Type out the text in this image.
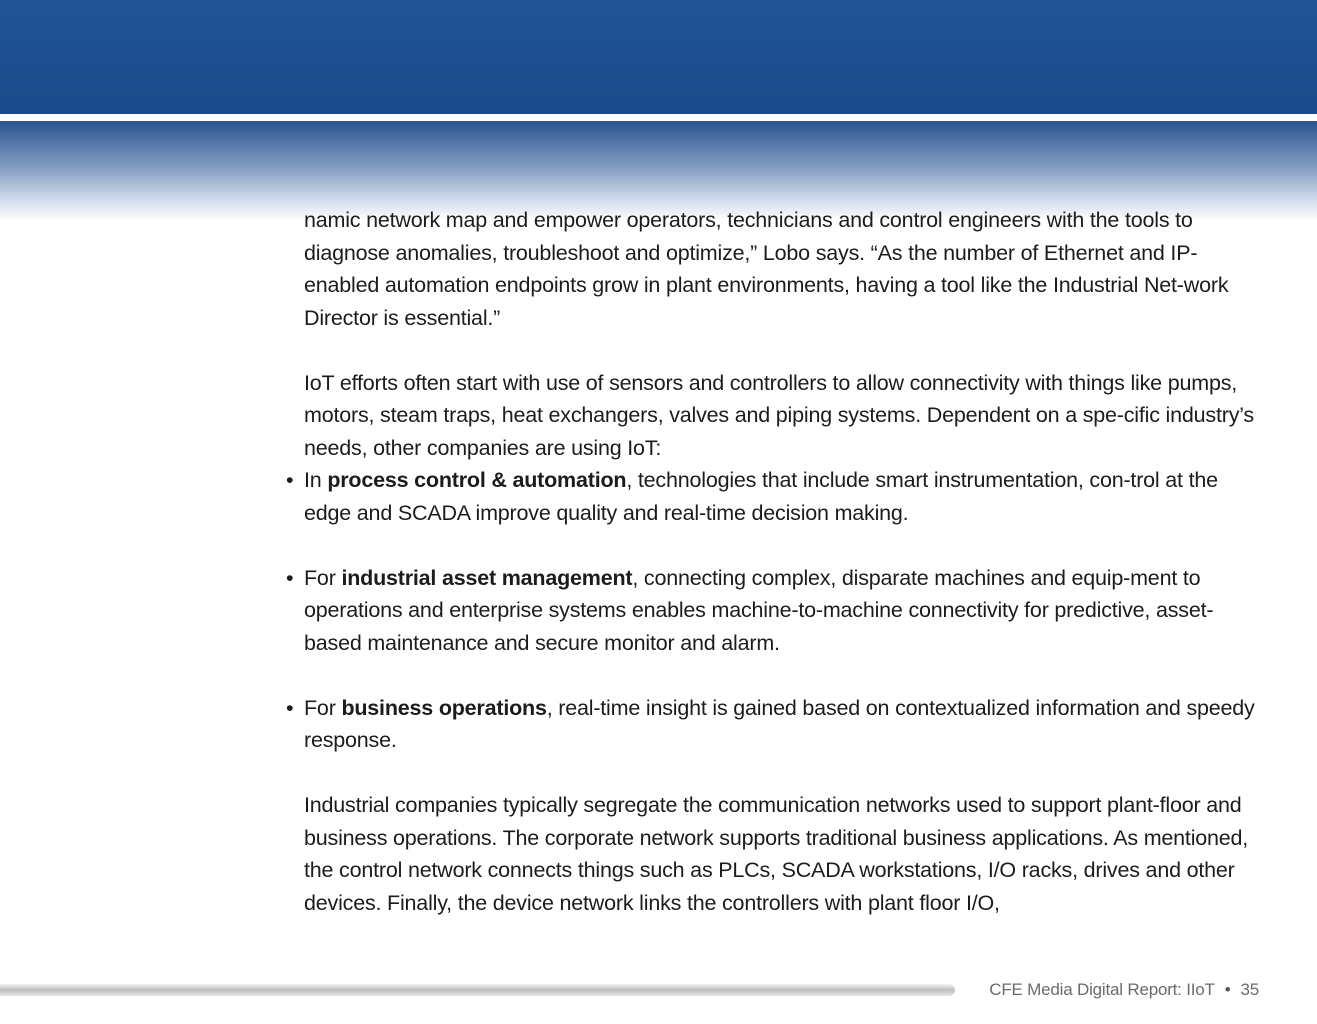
namic network map and empower operators, technicians and control engineers with the tools to diagnose anomalies, troubleshoot and optimize,” Lobo says. “As the number of Ethernet and IP-enabled automation endpoints grow in plant environments, having a tool like the Industrial Net-work Director is essential.”

IoT efforts often start with use of sensors and controllers to allow connectivity with things like pumps, motors, steam traps, heat exchangers, valves and piping systems. Dependent on a spe-cific industry’s needs, other companies are using IoT:

• In process control & automation, technologies that include smart instrumentation, con-trol at the edge and SCADA improve quality and real-time decision making.

• For industrial asset management, connecting complex, disparate machines and equip-ment to operations and enterprise systems enables machine-to-machine connectivity for predictive, asset-based maintenance and secure monitor and alarm.

• For business operations, real-time insight is gained based on contextualized information and speedy response.

Industrial companies typically segregate the communication networks used to support plant-floor and business operations. The corporate network supports traditional business applications. As mentioned, the control network connects things such as PLCs, SCADA workstations, I/O racks, drives and other devices. Finally, the device network links the controllers with plant floor I/O,

CFE Media Digital Report: IIoT • 35
